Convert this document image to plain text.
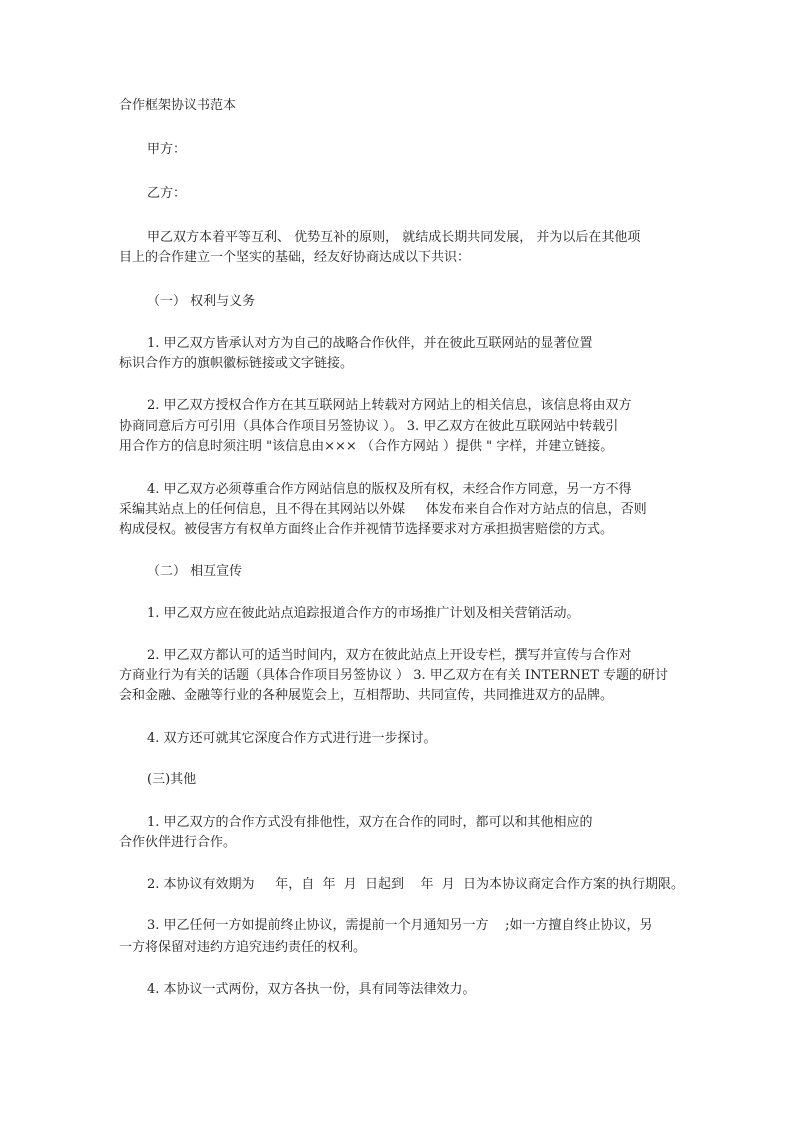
合作框架协议书范本
甲方：
乙方：
甲乙双方本着平等互利、 优势互补的原则， 就结成长期共同发展， 并为以后在其他项
目上的合作建立一个坚实的基础，经友好协商达成以下共识：
（一） 权利与义务
1. 甲乙双方皆承认对方为自己的战略合作伙伴，并在彼此互联网站的显著位置
标识合作方的旗帜徽标链接或文字链接。
2. 甲乙双方授权合作方在其互联网站上转载对方网站上的相关信息，该信息将由双方
协商同意后方可引用（具体合作项目另签协议 ）。 3. 甲乙双方在彼此互联网站中转载引
用合作方的信息时须注明 "该信息由××× （合作方网站 ）提供 " 字样，并建立链接。
4. 甲乙双方必须尊重合作方网站信息的版权及所有权，未经合作方同意，另一方不得
采编其站点上的任何信息，且不得在其网站以外媒     体发布来自合作对方站点的信息，否则
构成侵权。被侵害方有权单方面终止合作并视情节选择要求对方承担损害赔偿的方式。
（二） 相互宣传
1. 甲乙双方应在彼此站点追踪报道合作方的市场推广计划及相关营销活动。
2. 甲乙双方都认可的适当时间内，双方在彼此站点上开设专栏，撰写并宣传与合作对
方商业行为有关的话题（具体合作项目另签协议 ） 3. 甲乙双方在有关 INTERNET 专题的研讨
会和金融、金融等行业的各种展览会上，互相帮助、共同宣传，共同推进双方的品牌。
4. 双方还可就其它深度合作方式进行进一步探讨。
(三)其他
1. 甲乙双方的合作方式没有排他性，双方在合作的同时，都可以和其他相应的
合作伙伴进行合作。
2. 本协议有效期为     年，自  年  月  日起到    年  月  日为本协议商定合作方案的执行期限。
3. 甲乙任何一方如提前终止协议，需提前一个月通知另一方    ;如一方擅自终止协议，另
一方将保留对违约方追究违约责任的权利。
4. 本协议一式两份，双方各执一份，具有同等法律效力。
